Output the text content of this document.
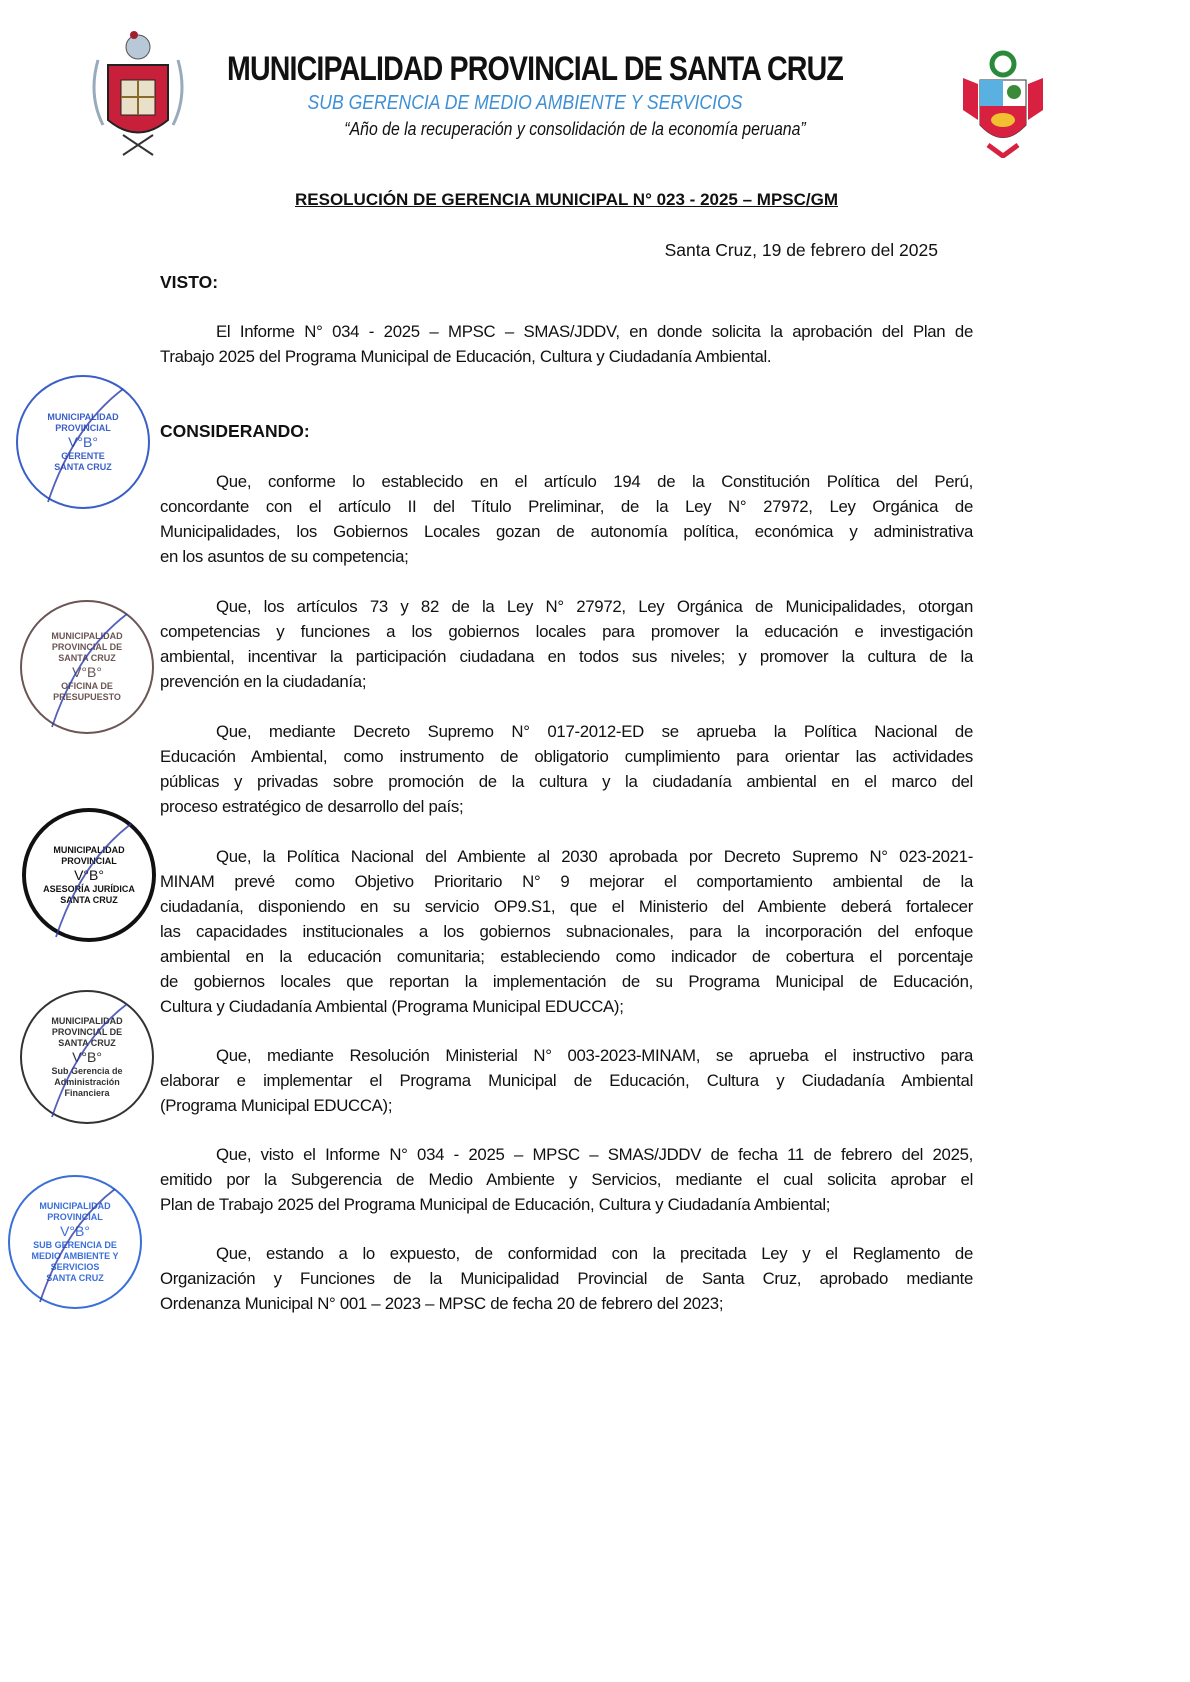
MUNICIPALIDAD PROVINCIAL DE SANTA CRUZ
SUB GERENCIA DE MEDIO AMBIENTE Y SERVICIOS
“Año de la recuperación y consolidación de la economía peruana”
RESOLUCIÓN DE GERENCIA MUNICIPAL N° 023 - 2025 – MPSC/GM
Santa Cruz, 19 de febrero del 2025
VISTO:
CONSIDERANDO:
El Informe N° 034 - 2025 – MPSC – SMAS/JDDV, en donde solicita la aprobación del Plan de
Trabajo 2025 del Programa Municipal de Educación, Cultura y Ciudadanía Ambiental.
Que, conforme lo establecido en el artículo 194 de la Constitución Política del Perú,
concordante con el artículo II del Título Preliminar, de la Ley N° 27972, Ley Orgánica de
Municipalidades, los Gobiernos Locales gozan de autonomía política, económica y administrativa
en los asuntos de su competencia;
Que, los artículos 73 y 82 de la Ley N° 27972, Ley Orgánica de Municipalidades, otorgan
competencias y funciones a los gobiernos locales para promover la educación e investigación
ambiental, incentivar la participación ciudadana en todos sus niveles; y promover la cultura de la
prevención en la ciudadanía;
Que, mediante Decreto Supremo N° 017-2012-ED se aprueba la Política Nacional de
Educación Ambiental, como instrumento de obligatorio cumplimiento para orientar las actividades
públicas y privadas sobre promoción de la cultura y la ciudadanía ambiental en el marco del
proceso estratégico de desarrollo del país;
Que, la Política Nacional del Ambiente al 2030 aprobada por Decreto Supremo N° 023-2021-
MINAM prevé como Objetivo Prioritario N° 9 mejorar el comportamiento ambiental de la
ciudadanía, disponiendo en su servicio OP9.S1, que el Ministerio del Ambiente deberá fortalecer
las capacidades institucionales a los gobiernos subnacionales, para la incorporación del enfoque
ambiental en la educación comunitaria; estableciendo como indicador de cobertura el porcentaje
de gobiernos locales que reportan la implementación de su Programa Municipal de Educación,
Cultura y Ciudadanía Ambiental (Programa Municipal EDUCCA);
Que, mediante Resolución Ministerial N° 003-2023-MINAM, se aprueba el instructivo para
elaborar e implementar el Programa Municipal de Educación, Cultura y Ciudadanía Ambiental
(Programa Municipal EDUCCA);
Que, visto el Informe N° 034 - 2025 – MPSC – SMAS/JDDV de fecha 11 de febrero del 2025,
emitido por la Subgerencia de Medio Ambiente y Servicios, mediante el cual solicita aprobar el
Plan de Trabajo 2025 del Programa Municipal de Educación, Cultura y Ciudadanía Ambiental;
Que, estando a lo expuesto, de conformidad con la precitada Ley y el Reglamento de
Organización y Funciones de la Municipalidad Provincial de Santa Cruz, aprobado mediante
Ordenanza Municipal N° 001 – 2023 – MPSC de fecha 20 de febrero del 2023;
MUNICIPALIDAD PROVINCIAL
V°B°
GERENTE
SANTA CRUZ
MUNICIPALIDAD PROVINCIAL DE SANTA CRUZ
V°B°
OFICINA DE PRESUPUESTO
MUNICIPALIDAD PROVINCIAL
V°B°
ASESORÍA JURÍDICA
SANTA CRUZ
MUNICIPALIDAD PROVINCIAL DE SANTA CRUZ
V°B°
Sub Gerencia de Administración Financiera
MUNICIPALIDAD PROVINCIAL
V°B°
SUB GERENCIA DE MEDIO AMBIENTE Y SERVICIOS
SANTA CRUZ
